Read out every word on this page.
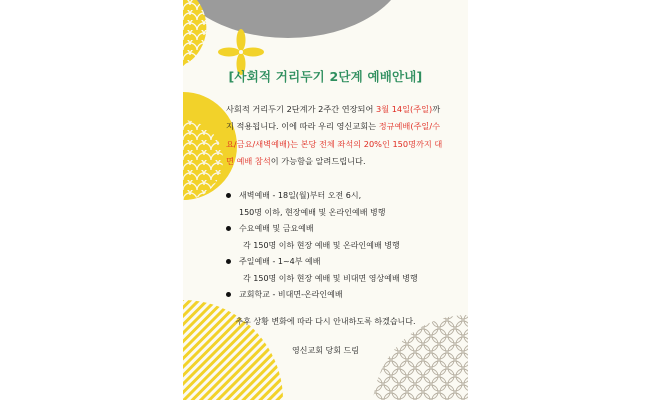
[사회적 거리두기 2단계 예배안내]
사회적 거리두기 2단계가 2주간 연장되어 3월 14일(주일)까지 적용됩니다. 이에 따라 우리 영신교회는 정규예배(주일/수요/금요/새벽예배)는 본당 전체 좌석의 20%인 150명까지 대면 예배 참석이 가능함을 알려드립니다.
새벽예배 - 18일(월)부터 오전 6시,
150명 이하, 현장예배 및 온라인예배 병행
수요예배 및 금요예배
각 150명 이하 현장 예배 및 온라인예배 병행
주일예배 - 1~4부 예배
각 150명 이하 현장 예배 및 비대면 영상예배 병행
교회학교 - 비대면-온라인예배
추후 상황 변화에 따라 다시 안내하도록 하겠습니다.
영신교회 당회 드림
